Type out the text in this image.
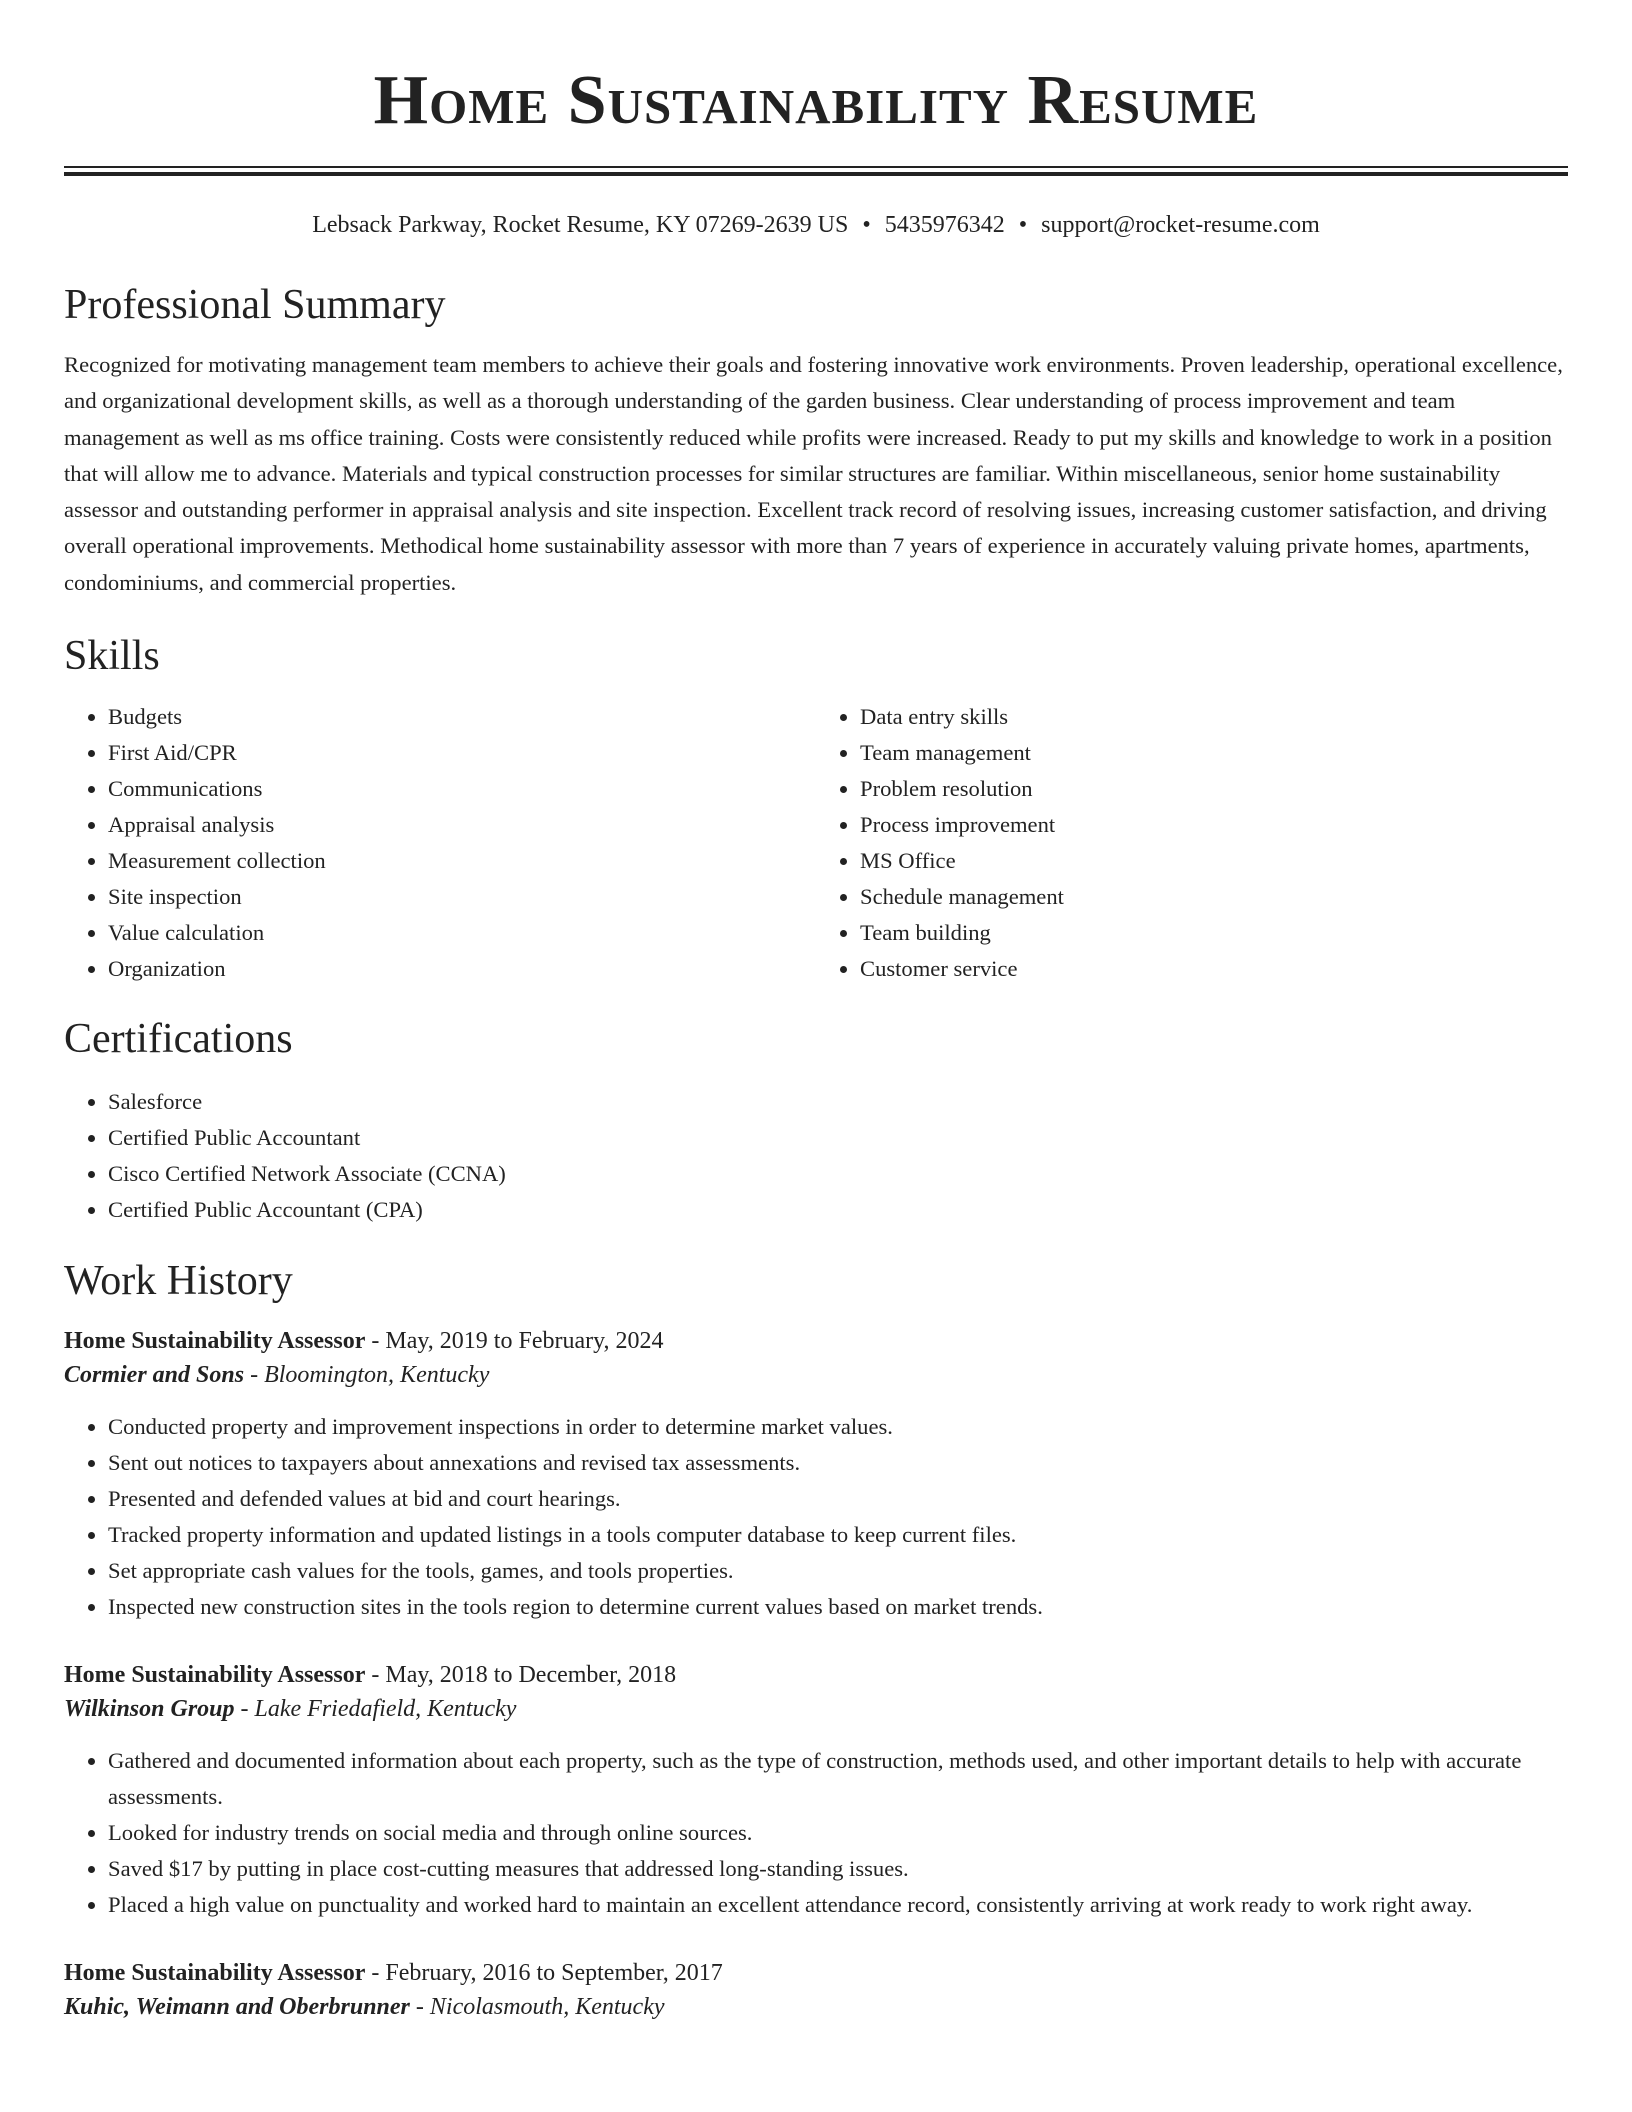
Home Sustainability Resume
Lebsack Parkway, Rocket Resume, KY 07269-2639 US • 5435976342 • support@rocket-resume.com
Professional Summary

Recognized for motivating management team members to achieve their goals and fostering innovative work environments. Proven leadership, operational excellence, and organizational development skills, as well as a thorough understanding of the garden business. Clear understanding of process improvement and team management as well as ms office training. Costs were consistently reduced while profits were increased. Ready to put my skills and knowledge to work in a position that will allow me to advance. Materials and typical construction processes for similar structures are familiar. Within miscellaneous, senior home sustainability assessor and outstanding performer in appraisal analysis and site inspection. Excellent track record of resolving issues, increasing customer satisfaction, and driving overall operational improvements. Methodical home sustainability assessor with more than 7 years of experience in accurately valuing private homes, apartments, condominiums, and commercial properties.

Skills
• Budgets
• First Aid/CPR
• Communications
• Appraisal analysis
• Measurement collection
• Site inspection
• Value calculation
• Organization
• Data entry skills
• Team management
• Problem resolution
• Process improvement
• MS Office
• Schedule management
• Team building
• Customer service
Certifications
• Salesforce
• Certified Public Accountant
• Cisco Certified Network Associate (CCNA)
• Certified Public Accountant (CPA)
Work History
Home Sustainability Assessor - May, 2019 to February, 2024
Cormier and Sons - Bloomington, Kentucky
• Conducted property and improvement inspections in order to determine market values.
• Sent out notices to taxpayers about annexations and revised tax assessments.
• Presented and defended values at bid and court hearings.
• Tracked property information and updated listings in a tools computer database to keep current files.
• Set appropriate cash values for the tools, games, and tools properties.
• Inspected new construction sites in the tools region to determine current values based on market trends.
Home Sustainability Assessor - May, 2018 to December, 2018
Wilkinson Group - Lake Friedafield, Kentucky
• Gathered and documented information about each property, such as the type of construction, methods used, and other important details to help with accurate assessments.
• Looked for industry trends on social media and through online sources.
• Saved $17 by putting in place cost-cutting measures that addressed long-standing issues.
• Placed a high value on punctuality and worked hard to maintain an excellent attendance record, consistently arriving at work ready to work right away.
Home Sustainability Assessor - February, 2016 to September, 2017
Kuhic, Weimann and Oberbrunner - Nicolasmouth, Kentucky
